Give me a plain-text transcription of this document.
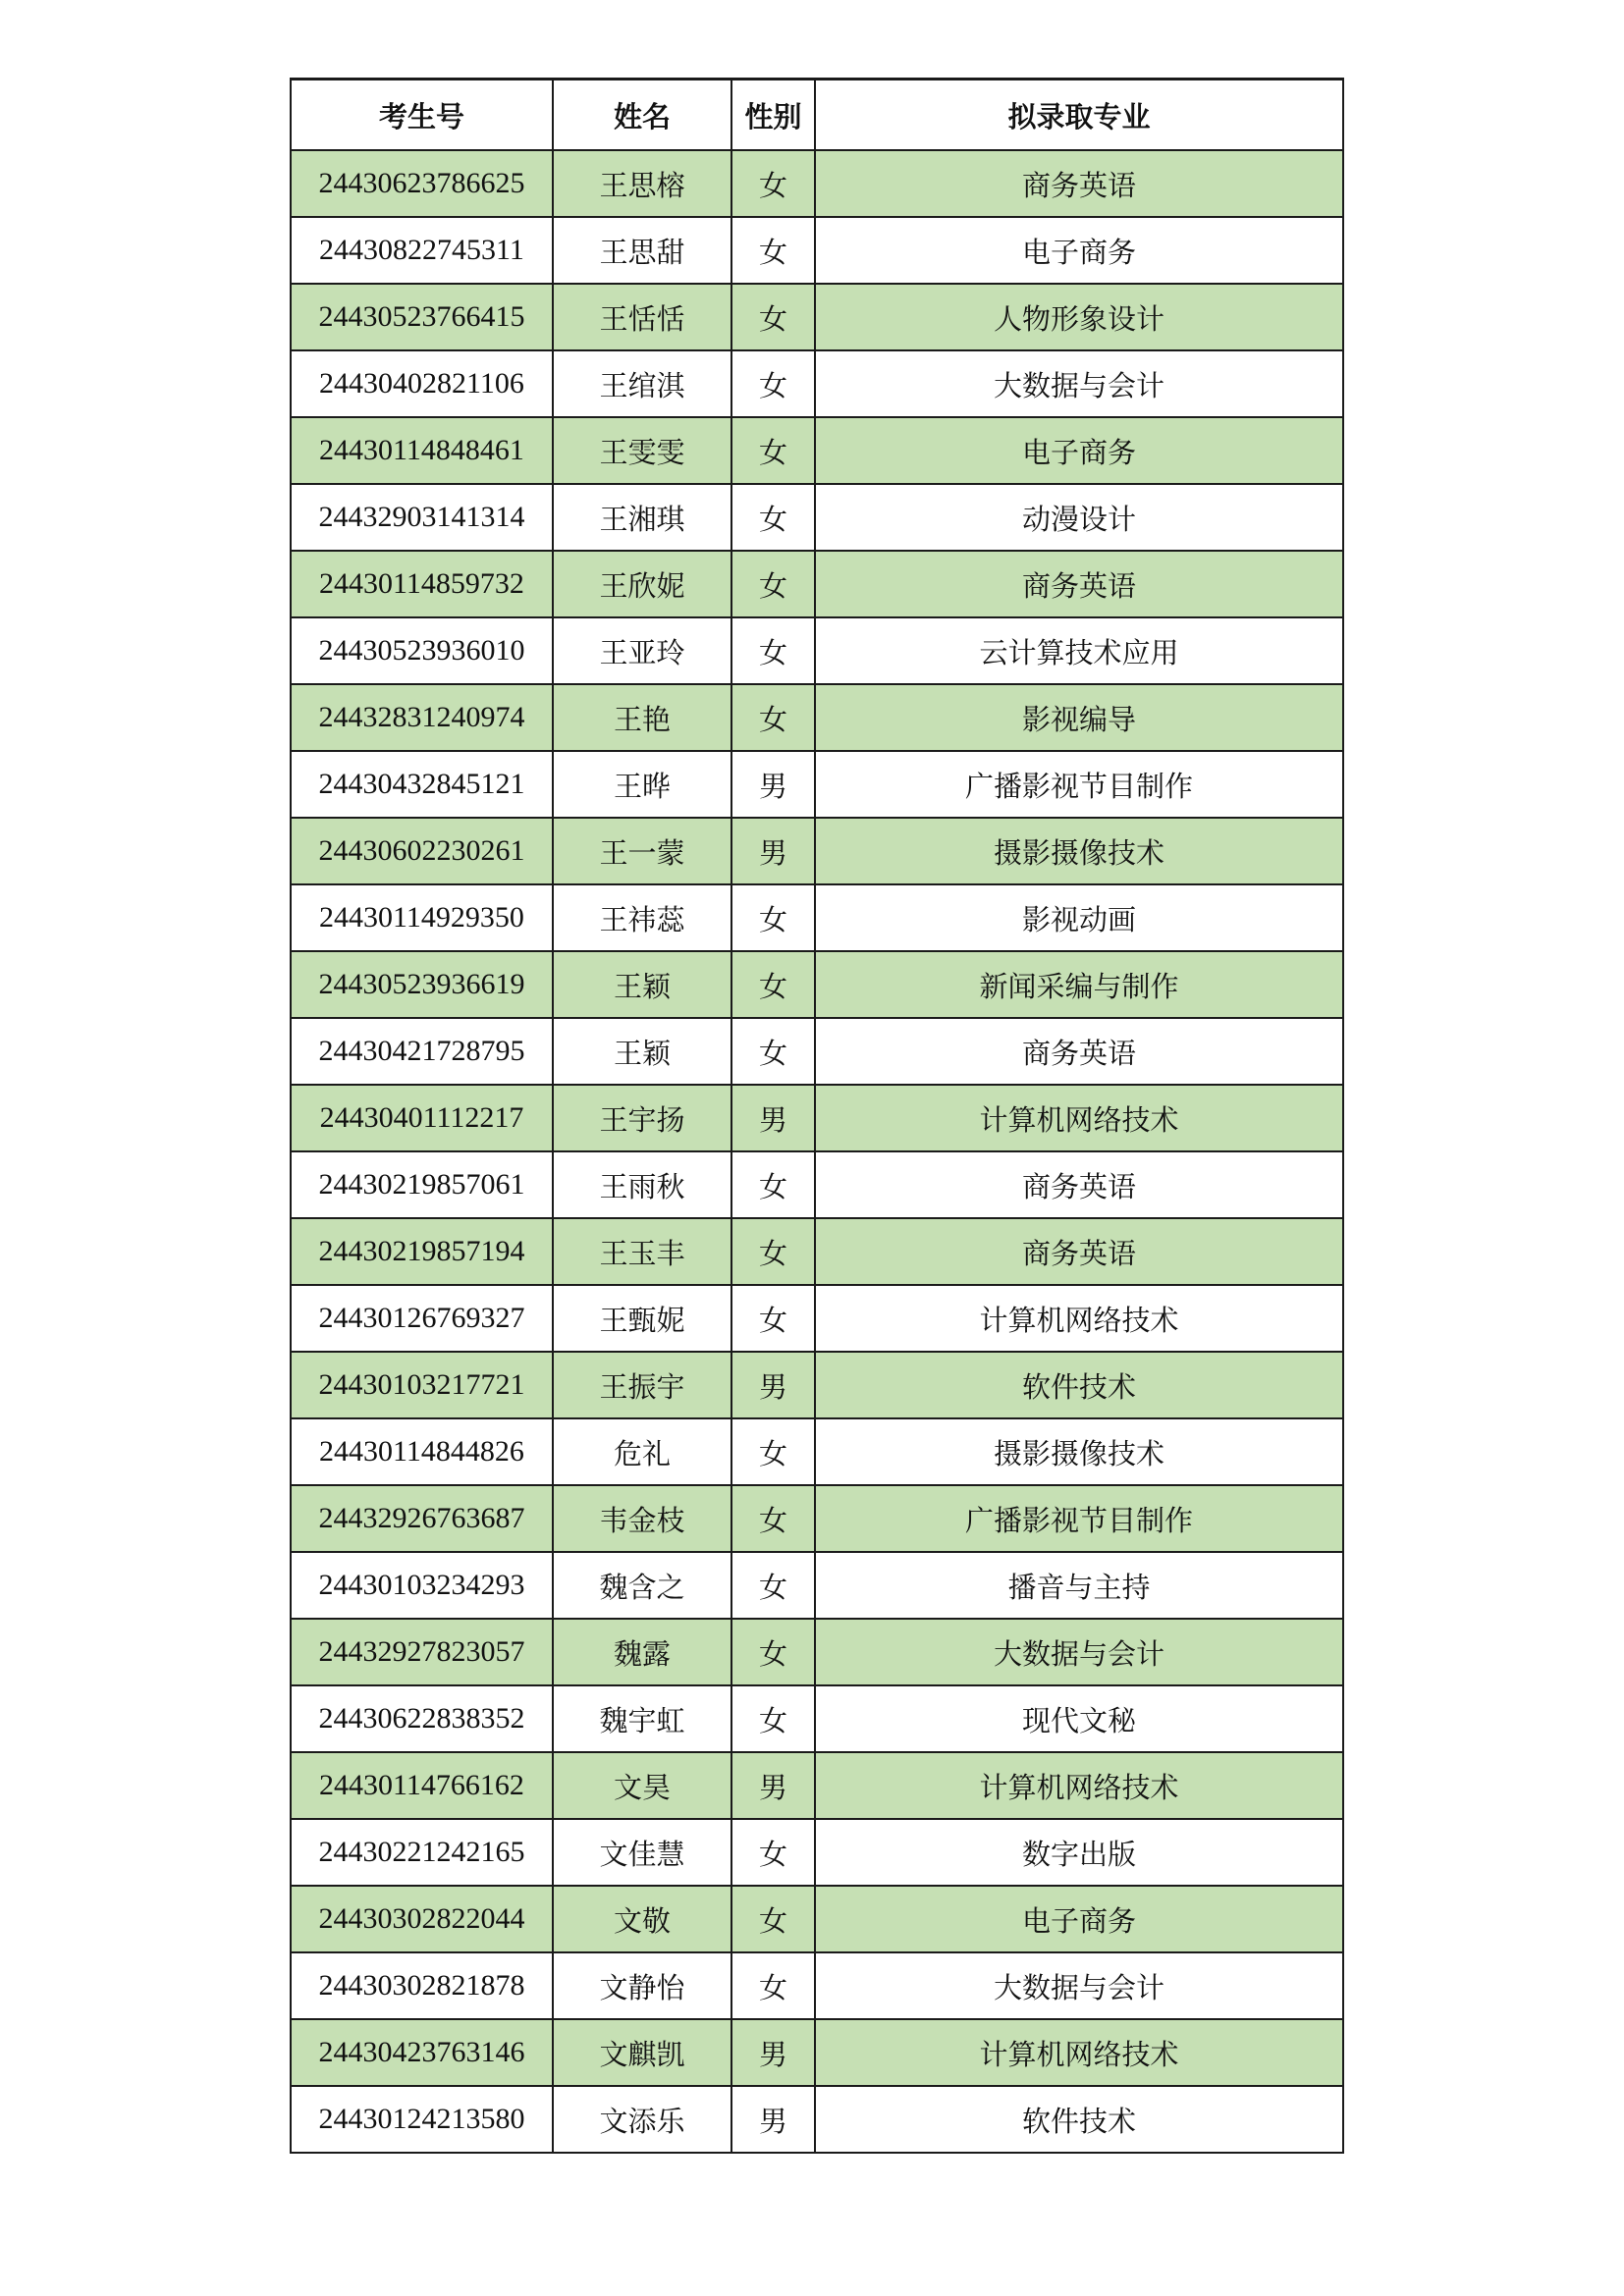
考生号	姓名	性别	拟录取专业
24430623786625	王思榕	女	商务英语
24430822745311	王思甜	女	电子商务
24430523766415	王恬恬	女	人物形象设计
24430402821106	王绾淇	女	大数据与会计
24430114848461	王雯雯	女	电子商务
24432903141314	王湘琪	女	动漫设计
24430114859732	王欣妮	女	商务英语
24430523936010	王亚玲	女	云计算技术应用
24432831240974	王艳	女	影视编导
24430432845121	王晔	男	广播影视节目制作
24430602230261	王一蒙	男	摄影摄像技术
24430114929350	王祎蕊	女	影视动画
24430523936619	王颖	女	新闻采编与制作
24430421728795	王颖	女	商务英语
24430401112217	王宇扬	男	计算机网络技术
24430219857061	王雨秋	女	商务英语
24430219857194	王玉丰	女	商务英语
24430126769327	王甄妮	女	计算机网络技术
24430103217721	王振宇	男	软件技术
24430114844826	危礼	女	摄影摄像技术
24432926763687	韦金枝	女	广播影视节目制作
24430103234293	魏含之	女	播音与主持
24432927823057	魏露	女	大数据与会计
24430622838352	魏宇虹	女	现代文秘
24430114766162	文昊	男	计算机网络技术
24430221242165	文佳慧	女	数字出版
24430302822044	文敬	女	电子商务
24430302821878	文静怡	女	大数据与会计
24430423763146	文麒凯	男	计算机网络技术
24430124213580	文添乐	男	软件技术
